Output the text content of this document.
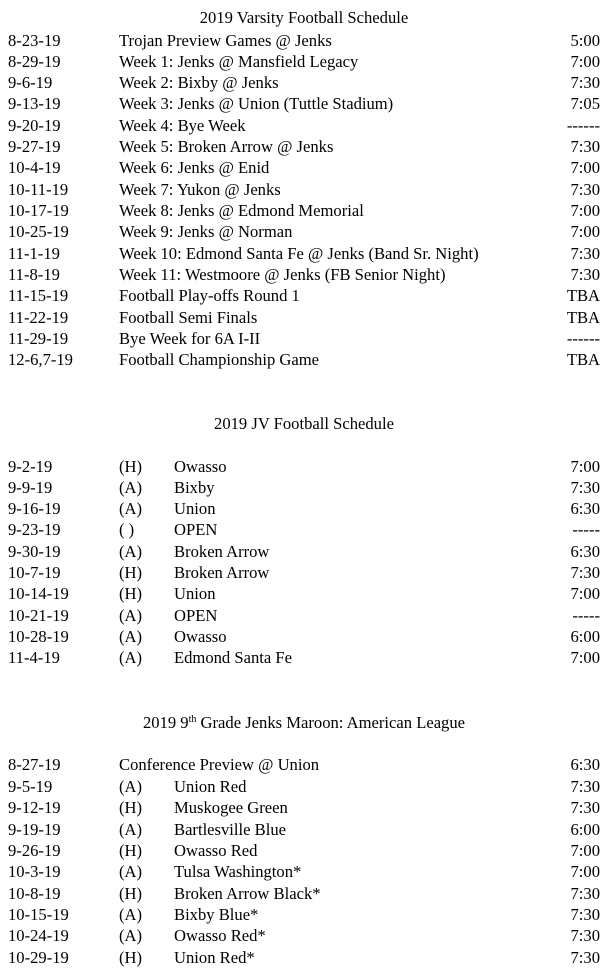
2019 Varsity Football Schedule
8-23-19	Trojan Preview Games @ Jenks	5:00
8-29-19	Week 1: Jenks @ Mansfield Legacy	7:00
9-6-19	Week 2: Bixby @ Jenks	7:30
9-13-19	Week 3: Jenks @ Union (Tuttle Stadium)	7:05
9-20-19	Week 4: Bye Week	------
9-27-19	Week 5: Broken Arrow @ Jenks	7:30
10-4-19	Week 6: Jenks @ Enid	7:00
10-11-19	Week 7: Yukon @ Jenks	7:30
10-17-19	Week 8: Jenks @ Edmond Memorial	7:00
10-25-19	Week 9: Jenks @ Norman	7:00
11-1-19	Week 10: Edmond Santa Fe @ Jenks (Band Sr. Night)	7:30
11-8-19	Week 11: Westmoore @ Jenks (FB Senior Night)	7:30
11-15-19	Football Play-offs Round 1	TBA
11-22-19	Football Semi Finals	TBA
11-29-19	Bye Week for 6A I-II	------
12-6,7-19	Football Championship Game	TBA
2019 JV Football Schedule
9-2-19	(H) Owasso	7:00
9-9-19	(A) Bixby	7:30
9-16-19	(A) Union	6:30
9-23-19	( ) OPEN	-----
9-30-19	(A) Broken Arrow	6:30
10-7-19	(H) Broken Arrow	7:30
10-14-19	(H) Union	7:00
10-21-19	(A) OPEN	-----
10-28-19	(A) Owasso	6:00
11-4-19	(A) Edmond Santa Fe	7:00
2019 9th Grade Jenks Maroon: American League
8-27-19	Conference Preview @ Union	6:30
9-5-19	(A) Union Red	7:30
9-12-19	(H) Muskogee Green	7:30
9-19-19	(A) Bartlesville Blue	6:00
9-26-19	(H) Owasso Red	7:00
10-3-19	(A) Tulsa Washington*	7:00
10-8-19	(H) Broken Arrow Black*	7:30
10-15-19	(A) Bixby Blue*	7:30
10-24-19	(A) Owasso Red*	7:30
10-29-19	(H) Union Red*	7:30
